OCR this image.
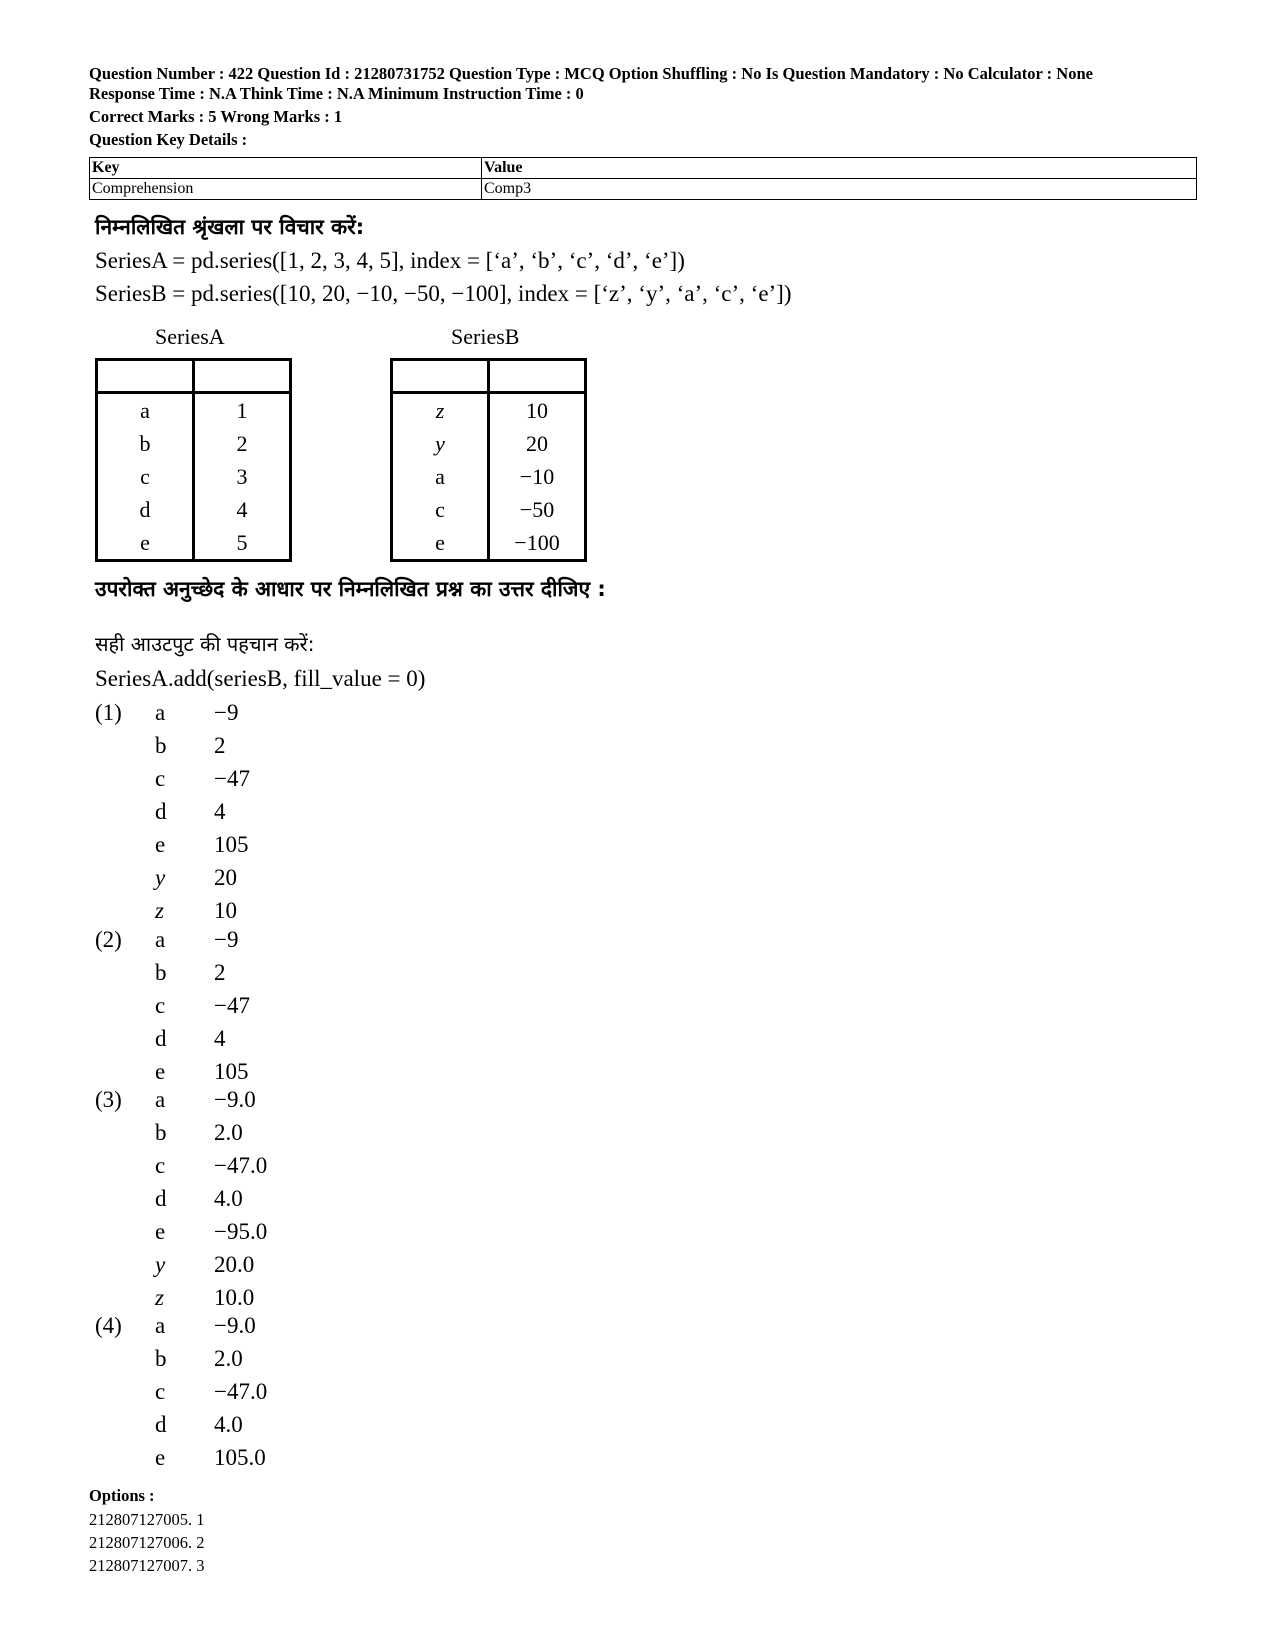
Question Number : 422 Question Id : 21280731752 Question Type : MCQ Option Shuffling : No Is Question Mandatory : No Calculator : None
Response Time : N.A Think Time : N.A Minimum Instruction Time : 0
Correct Marks : 5 Wrong Marks : 1
Question Key Details :
Key	Value
Comprehension	Comp3
निम्नलिखित श्रृंखला पर विचार करें:
SeriesA = pd.series([1, 2, 3, 4, 5], index = [‘a’, ‘b’, ‘c’, ‘d’, ‘e’])
SeriesB = pd.series([10, 20, −10, −50, −100], index = [‘z’, ‘y’, ‘a’, ‘c’, ‘e’])
SeriesA	SeriesB

a	1
b	2
c	3
d	4
e	5

z	10
y	20
a	−10
c	−50
e	−100
उपरोक्त अनुच्छेद के आधार पर निम्नलिखित प्रश्न का उत्तर दीजिए :
सही आउटपुट की पहचान करें:
SeriesA.add(seriesB, fill_value = 0)
(1) a −9
b 2
c −47
d 4
e 105
y 20
z 10
(2) a −9
b 2
c −47
d 4
e 105
(3) a −9.0
b 2.0
c −47.0
d 4.0
e −95.0
y 20.0
z 10.0
(4) a −9.0
b 2.0
c −47.0
d 4.0
e 105.0
Options :
212807127005. 1
212807127006. 2
212807127007. 3
